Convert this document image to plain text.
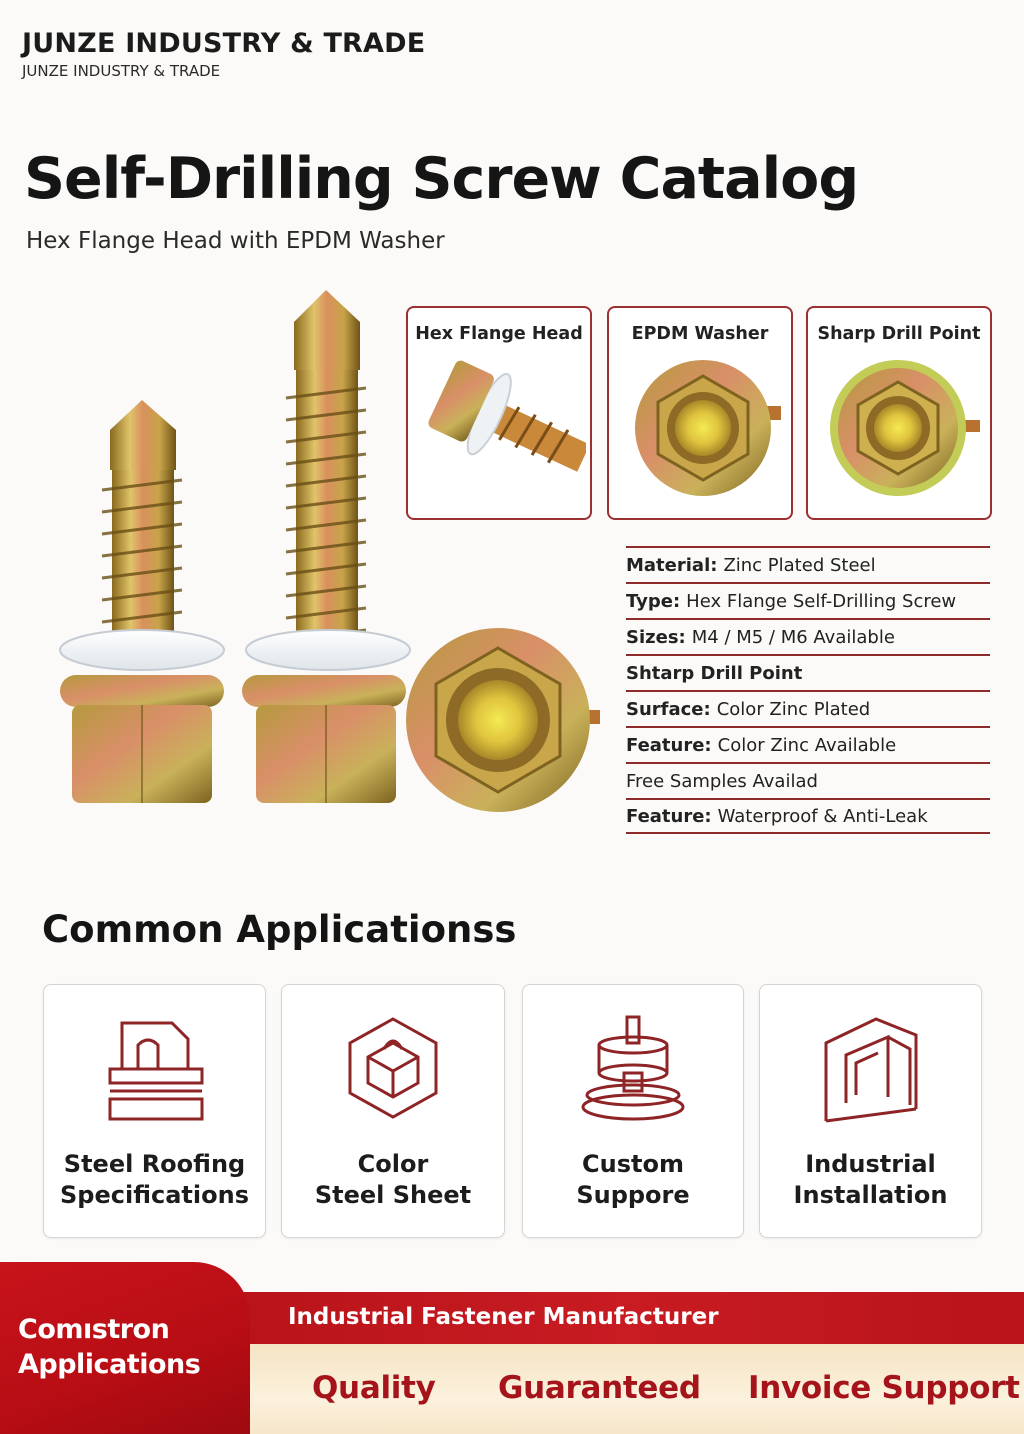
JUNZE INDUSTRY & TRADE
JUNZE INDUSTRY & TRADE
Self-Drilling Screw Catalog
Hex Flange Head with EPDM Washer
Hex Flange Head	EPDM Washer	Sharp Drill Point
Material: Zinc Plated Steel
Type: Hex Flange Self-Drilling Screw
Sizes: M4 / M5 / M6 Available
Shtarp Drill Point
Surface: Color Zinc Plated
Feature: Color Zinc Available
Free Samples Availad
Feature: Waterproof & Anti-Leak
Common Applicationss
Steel Roofing
Specifications
Color
Steel Sheet
Custom
Suppore
Industrial
Installation
Industrial Fastener Manufacturer
Quality Guaranteed Invoice Support
Comıstron
Applications
